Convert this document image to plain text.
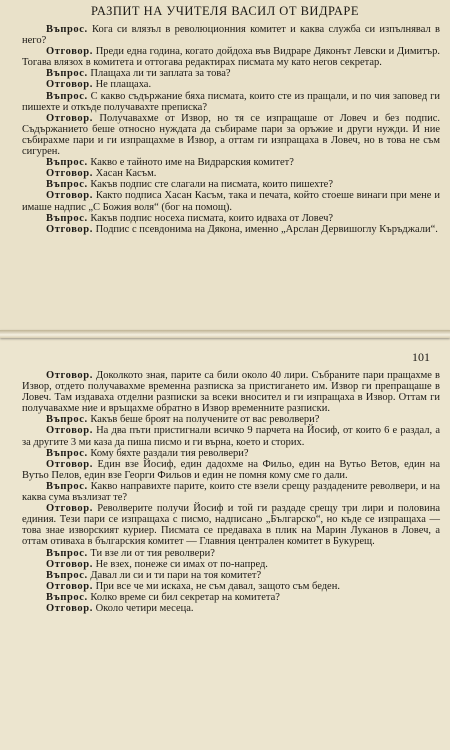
РАЗПИТ НА УЧИТЕЛЯ ВАСИЛ ОТ ВИДРАРЕ

Въпрос. Кога си влязъл в революционния комитет и каква служба си изпълнявал в него?

Отговор. Преди една година, когато дойдоха във Видраре Дяконът Левски и Димитър. Тогава влязох в комитета и оттогава редактирах писмата му като негов секретар.

Въпрос. Плащаха ли ти заплата за това?

Отговор. Не плащаха.

Въпрос. С какво съдържание бяха писмата, които сте из пращали, и по чия заповед ги пишехте и откъде получавахте преписка?

Отговор. Получавахме от Извор, но тя се изпращаше от Ловеч и без подпис. Съдържанието беше относно нуждата да събираме пари за оръжие и други нужди. И ние събирахме пари и ги изпращахме в Извор, а оттам ги изпращаха в Ловеч, но в това не съм сигурен.

Въпрос. Какво е тайното име на Видрарския комитет?

Отговор. Хасан Касъм.

Въпрос. Какъв подпис сте слагали на писмата, които пишехте?

Отговор. Както подписа Хасан Касъм, така и печата, който стоеше винаги при мене и имаше надпис „С Божия воля“ (бог на помощ).

Въпрос. Какъв подпис носеха писмата, които идваха от Ловеч?

Отговор. Подпис с псевдонима на Дякона, именно „Арслан Дервишоглу Къръджали“.

101

Отговор. Доколкото зная, парите са били около 40 лири. Събраните пари пращахме в Извор, отдето получавахме временна разписка за пристигането им. Извор ги препращаше в Ловеч. Там издаваха отделни разписки за всеки вносител и ги изпращаха в Извор. Оттам ги получавахме ние и връщахме обратно в Извор временните разписки.

Въпрос. Какъв беше броят на получените от вас револвери?

Отговор. На два пъти пристигнали всичко 9 парчета на Йосиф, от които 6 е раздал, а за другите 3 ми каза да пиша писмо и ги върна, което и сторих.

Въпрос. Кому бяхте раздали тия револвери?

Отговор. Един взе Йосиф, един дадохме на Фильо, един на Вутьо Ветов, един на Вутьо Пелов, един взе Георги Фильов и един не помня кому сме го дали.

Въпрос. Какво направихте парите, които сте взели срещу раздадените револвери, и на каква сума възлизат те?

Отговор. Револверите получи Йосиф и той ги раздаде срещу три лири и половина единия. Тези пари се изпращаха с писмо, надписано „Българско“, но къде се изпращаха — това знае изворският куриер. Писмата се предаваха в плик на Марин Луканов в Ловеч, а оттам отиваха в българския комитет — Главния централен комитет в Букурещ.

Въпрос. Ти взе ли от тия револвери?

Отговор. Не взех, понеже си имах от по-напред.

Въпрос. Давал ли си и ти пари на тоя комитет?

Отговор. При все че ми искаха, не съм давал, защото съм беден.

Въпрос. Колко време си бил секретар на комитета?

Отговор. Около четири месеца.
